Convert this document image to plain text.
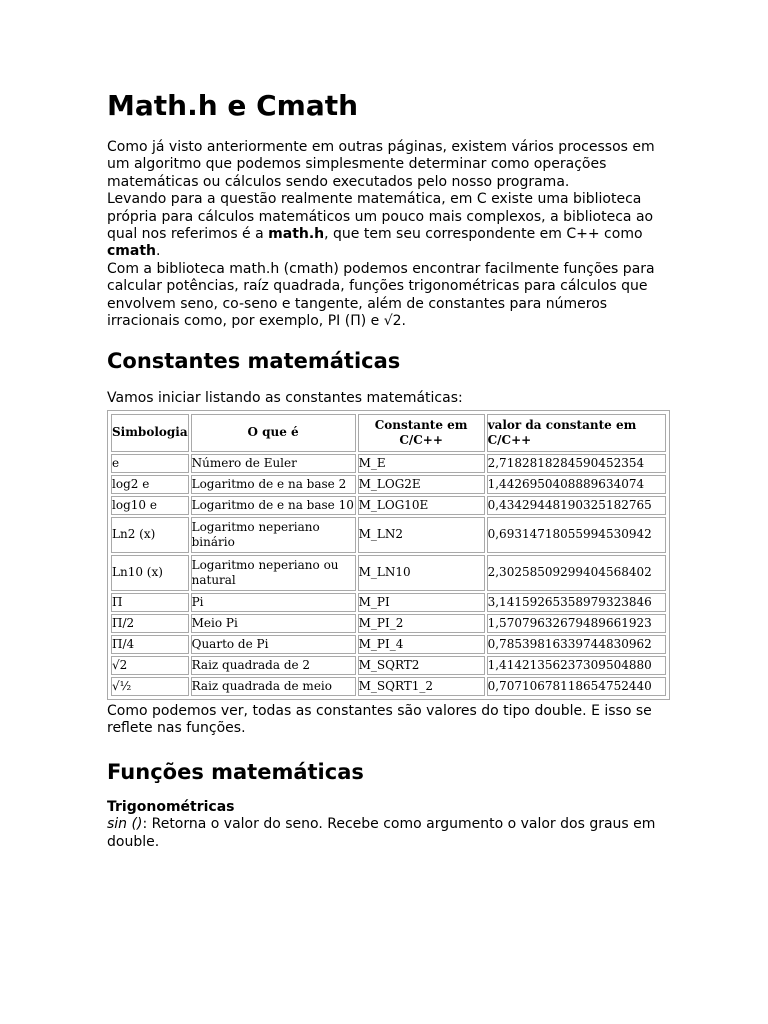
Math.h e Cmath

Como já visto anteriormente em outras páginas, existem vários processos em um algoritmo que podemos simplesmente determinar como operações matemáticas ou cálculos sendo executados pelo nosso programa.

Levando para a questão realmente matemática, em C existe uma biblioteca própria para cálculos matemáticos um pouco mais complexos, a biblioteca ao qual nos referimos é a math.h, que tem seu correspondente em C++ como cmath.

Com a biblioteca math.h (cmath) podemos encontrar facilmente funções para calcular potências, raíz quadrada, funções trigonométricas para cálculos que envolvem seno, co-seno e tangente, além de constantes para números irracionais como, por exemplo, PI (Π) e √2.

Constantes matemáticas

Vamos iniciar listando as constantes matemáticas:

Simbologia	O que é	Constante em C/C++	valor da constante em C/C++
e	Número de Euler	M_E	2,7182818284590452354
log2 e	Logaritmo de e na base 2	M_LOG2E	1,4426950408889634074
log10 e	Logaritmo de e na base 10	M_LOG10E	0,43429448190325182765
Ln2 (x)	Logaritmo neperiano binário	M_LN2	0,69314718055994530942
Ln10 (x)	Logaritmo neperiano ou natural	M_LN10	2,30258509299404568402
Π	Pi	M_PI	3,14159265358979323846
Π/2	Meio Pi	M_PI_2	1,57079632679489661923
Π/4	Quarto de Pi	M_PI_4	0,78539816339744830962
√2	Raiz quadrada de 2	M_SQRT2	1,41421356237309504880
√½	Raiz quadrada de meio	M_SQRT1_2	0,70710678118654752440

Como podemos ver, todas as constantes são valores do tipo double. E isso se reflete nas funções.

Funções matemáticas

Trigonométricas

sin (): Retorna o valor do seno. Recebe como argumento o valor dos graus em double.
